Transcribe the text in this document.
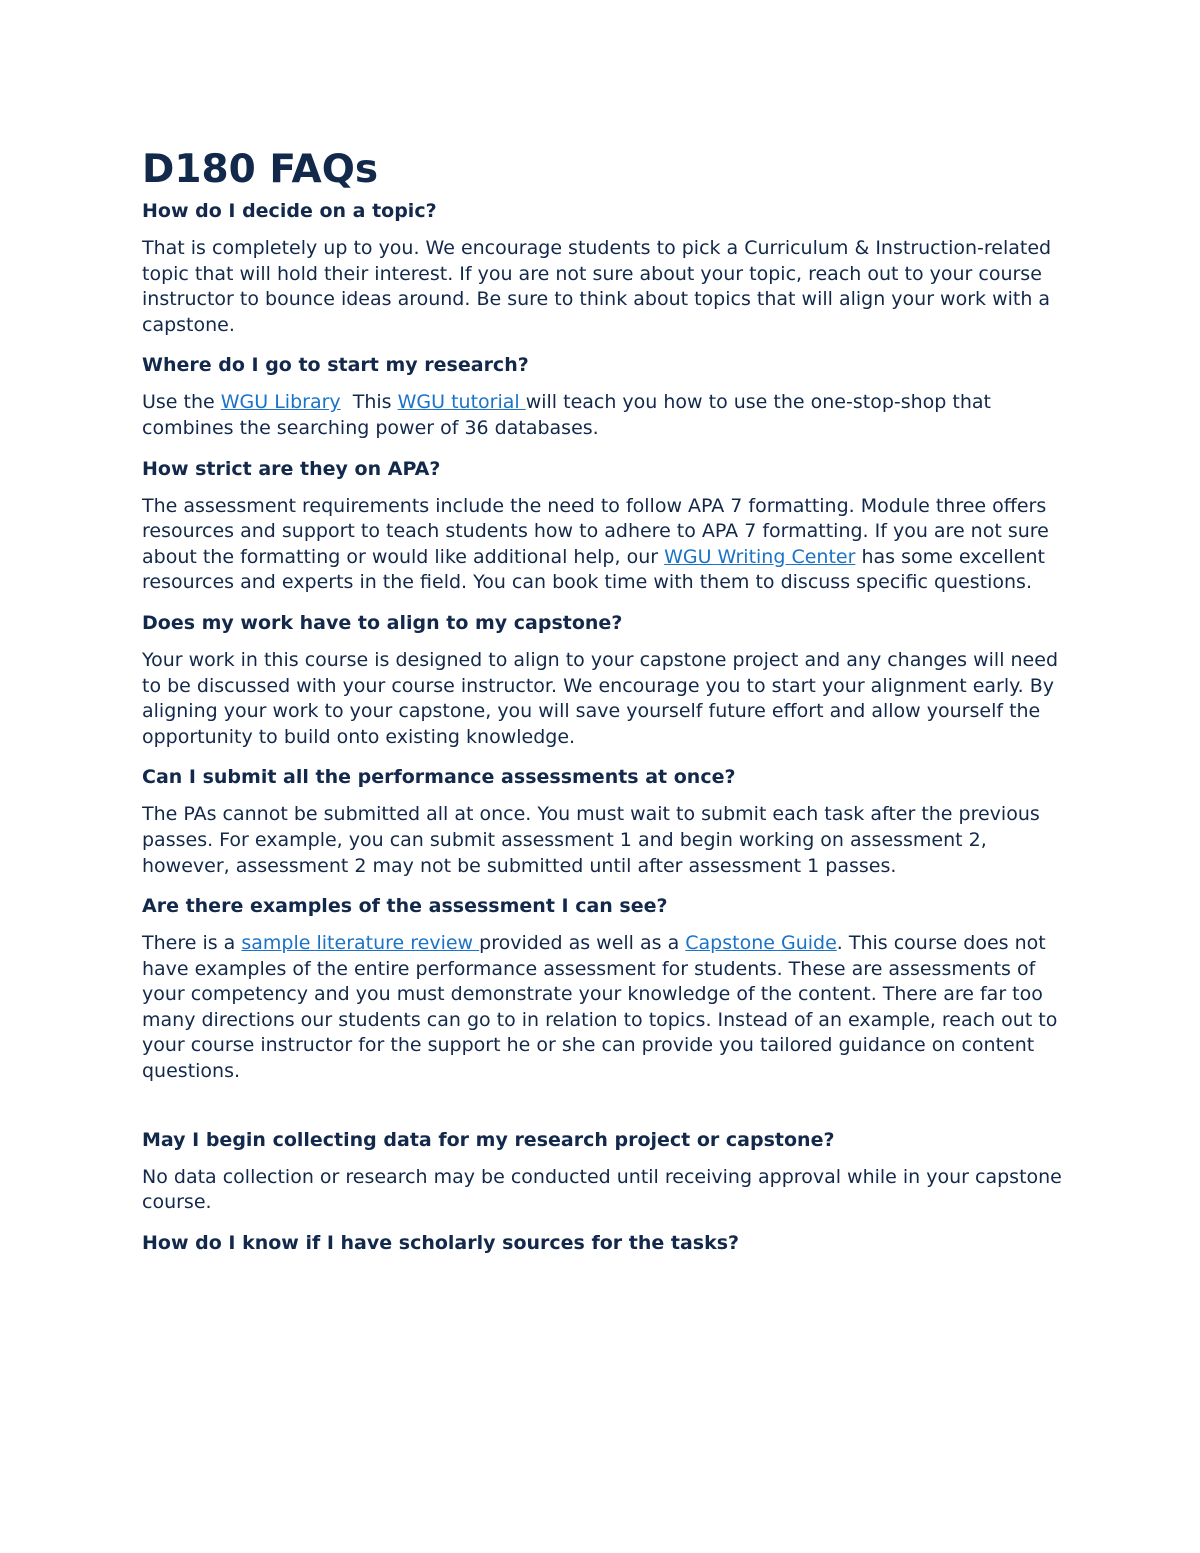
D180 FAQs
How do I decide on a topic?

That is completely up to you. We encourage students to pick a Curriculum & Instruction-related topic that will hold their interest. If you are not sure about your topic, reach out to your course instructor to bounce ideas around. Be sure to think about topics that will align your work with a capstone.

Where do I go to start my research?

Use the WGU Library  This WGU tutorial will teach you how to use the one-stop-shop that combines the searching power of 36 databases.

How strict are they on APA?

The assessment requirements include the need to follow APA 7 formatting. Module three offers resources and support to teach students how to adhere to APA 7 formatting. If you are not sure about the formatting or would like additional help, our WGU Writing Center has some excellent resources and experts in the field. You can book time with them to discuss specific questions.

Does my work have to align to my capstone?

Your work in this course is designed to align to your capstone project and any changes will need to be discussed with your course instructor. We encourage you to start your alignment early. By aligning your work to your capstone, you will save yourself future effort and allow yourself the opportunity to build onto existing knowledge.

Can I submit all the performance assessments at once?

The PAs cannot be submitted all at once. You must wait to submit each task after the previous passes. For example, you can submit assessment 1 and begin working on assessment 2, however, assessment 2 may not be submitted until after assessment 1 passes.

Are there examples of the assessment I can see?

There is a sample literature review provided as well as a Capstone Guide. This course does not have examples of the entire performance assessment for students. These are assessments of your competency and you must demonstrate your knowledge of the content. There are far too many directions our students can go to in relation to topics. Instead of an example, reach out to your course instructor for the support he or she can provide you tailored guidance on content questions.

May I begin collecting data for my research project or capstone?

No data collection or research may be conducted until receiving approval while in your capstone course.

How do I know if I have scholarly sources for the tasks?
